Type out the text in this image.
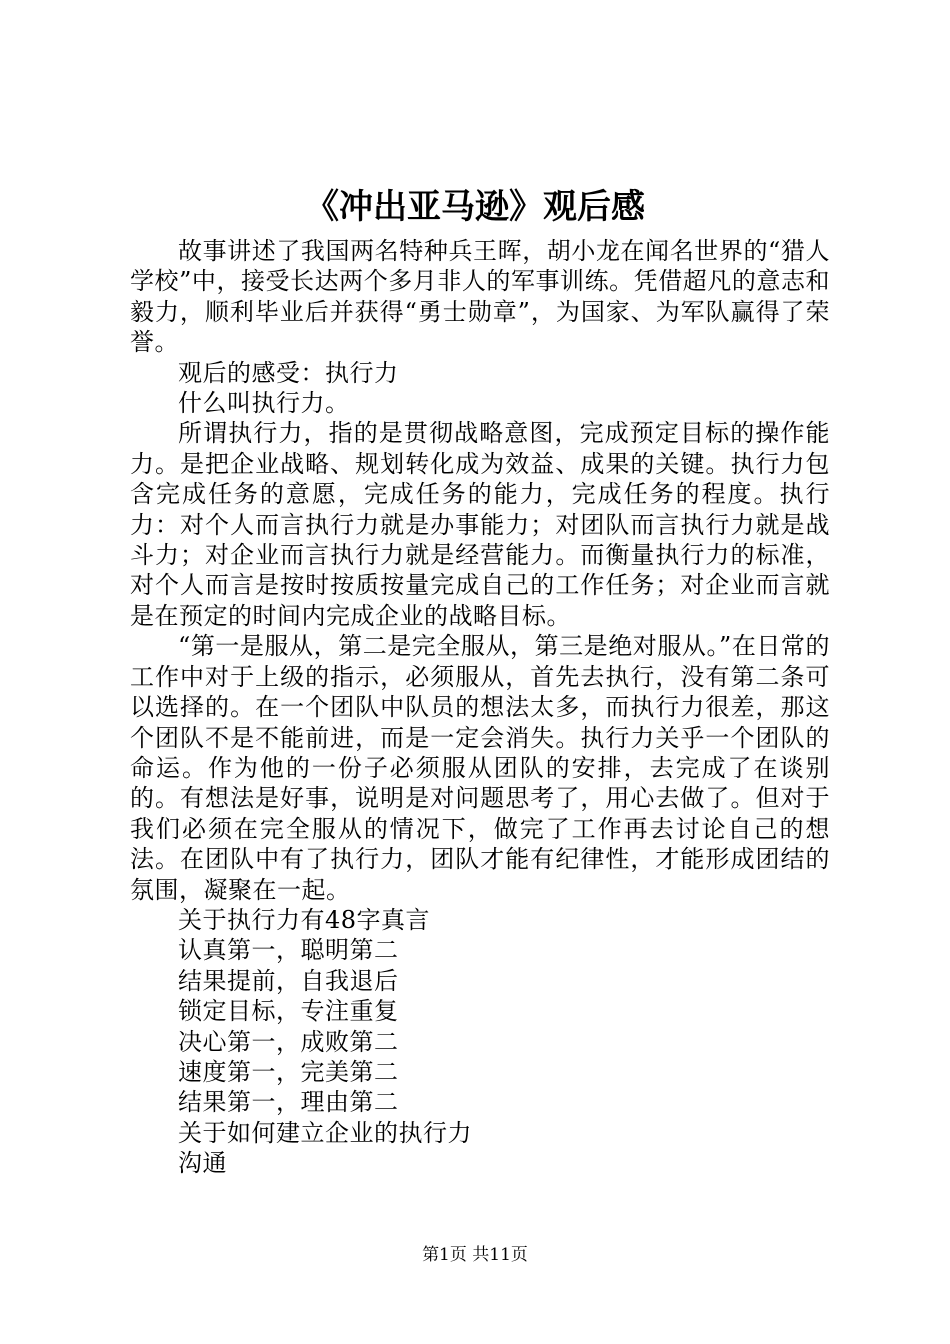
《冲出亚马逊》观后感

故事讲述了我国两名特种兵王晖，胡小龙在闻名世界的“猎人学校”中，接受长达两个多月非人的军事训练。凭借超凡的意志和毅力，顺利毕业后并获得“勇士勋章”，为国家、为军队赢得了荣誉。

观后的感受：执行力

什么叫执行力。

所谓执行力，指的是贯彻战略意图，完成预定目标的操作能力。是把企业战略、规划转化成为效益、成果的关键。执行力包含完成任务的意愿，完成任务的能力，完成任务的程度。执行力：对个人而言执行力就是办事能力；对团队而言执行力就是战斗力；对企业而言执行力就是经营能力。而衡量执行力的标准，对个人而言是按时按质按量完成自己的工作任务；对企业而言就是在预定的时间内完成企业的战略目标。

“第一是服从，第二是完全服从，第三是绝对服从。”在日常的工作中对于上级的指示，必须服从，首先去执行，没有第二条可以选择的。在一个团队中队员的想法太多，而执行力很差，那这个团队不是不能前进，而是一定会消失。执行力关乎一个团队的命运。作为他的一份子必须服从团队的安排，去完成了在谈别的。有想法是好事，说明是对问题思考了，用心去做了。但对于我们必须在完全服从的情况下，做完了工作再去讨论自己的想法。在团队中有了执行力，团队才能有纪律性，才能形成团结的氛围，凝聚在一起。

关于执行力有48字真言

认真第一，聪明第二

结果提前，自我退后

锁定目标，专注重复

决心第一，成败第二

速度第一，完美第二

结果第一，理由第二

关于如何建立企业的执行力

沟通

第1页 共11页
